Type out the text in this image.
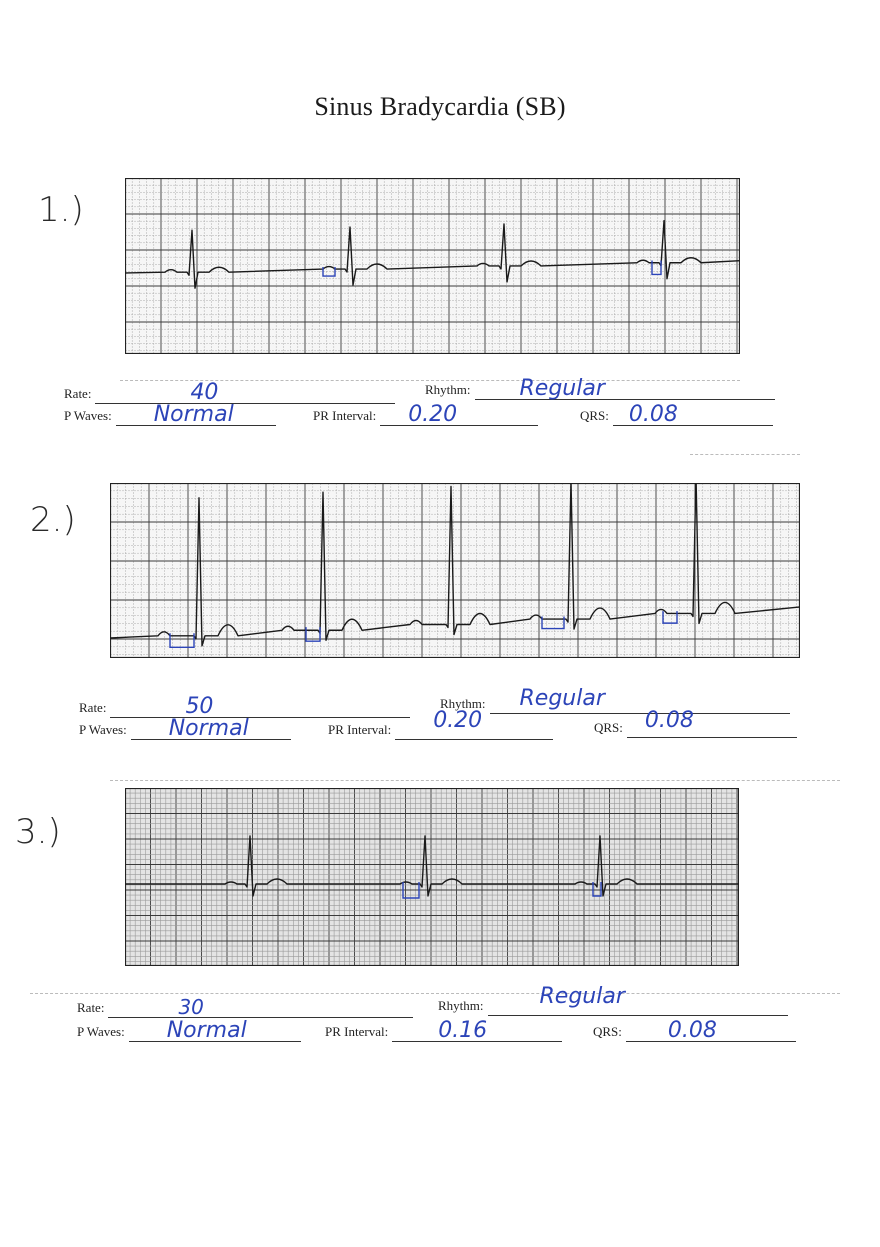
Sinus Bradycardia (SB)
1.)
Rate:	40	Rhythm: Regular
P Waves: Normal	PR Interval: 0.20	QRS: 0.08
2.)
Rate:	50	Rhythm: Regular
P Waves: Normal	PR Interval: 0.20	QRS: 0.08
3.)
Rate:	30	Rhythm:	Regular
P Waves: Normal	PR Interval: 0.16	QRS: 0.08
